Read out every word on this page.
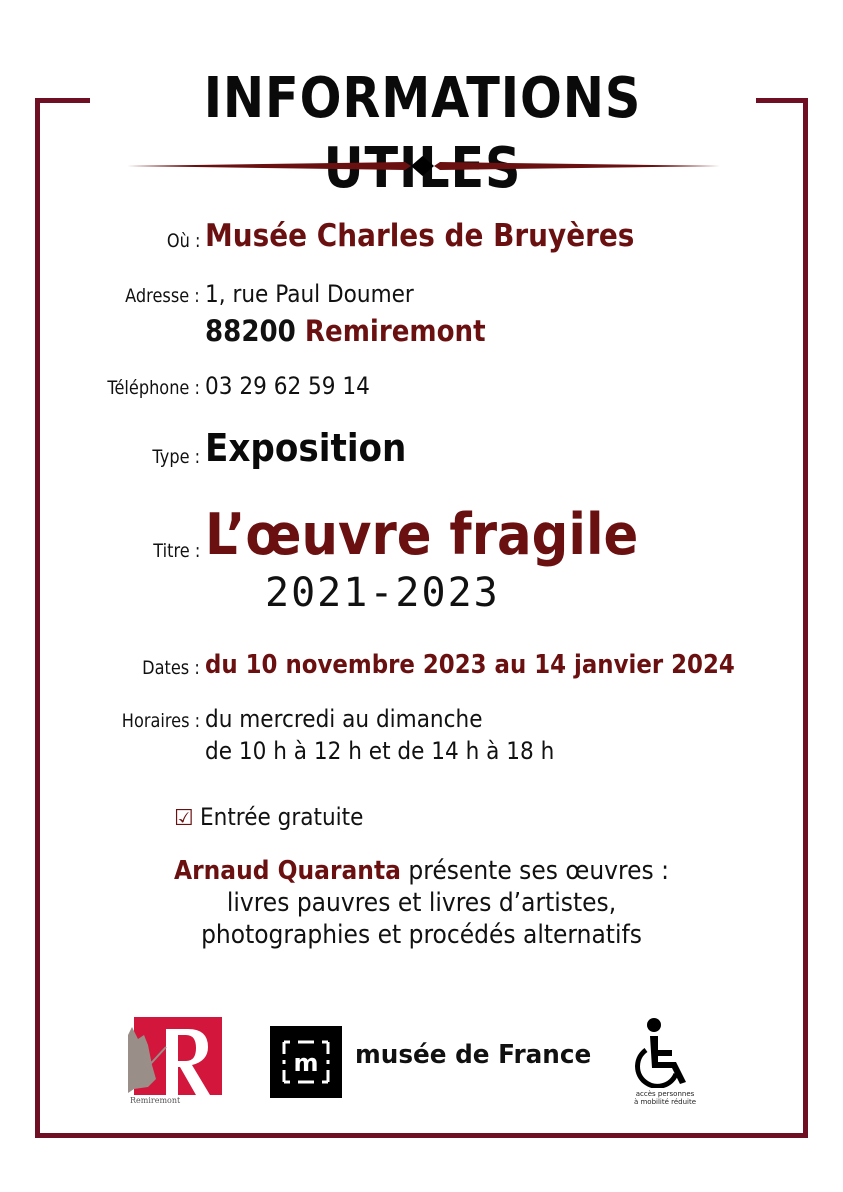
INFORMATIONS
Où : Musée Charles de Bruyères
Adresse : 1, rue Paul Doumer
88200 Remiremont
Téléphone : 03 29 62 59 14
Type : Exposition
Titre : L’œuvre fragile
2021-2023
Dates : du 10 novembre 2023 au 14 janvier 2024
Horaires : du mercredi au dimanche
de 10 h à 12 h et de 14 h à 18 h
☑ Entrée gratuite
Arnaud Quaranta présente ses œuvres :
livres pauvres et livres d’artistes,
photographies et procédés alternatifs
Remiremont
m musée de France
accès personnes
à mobilité réduite
